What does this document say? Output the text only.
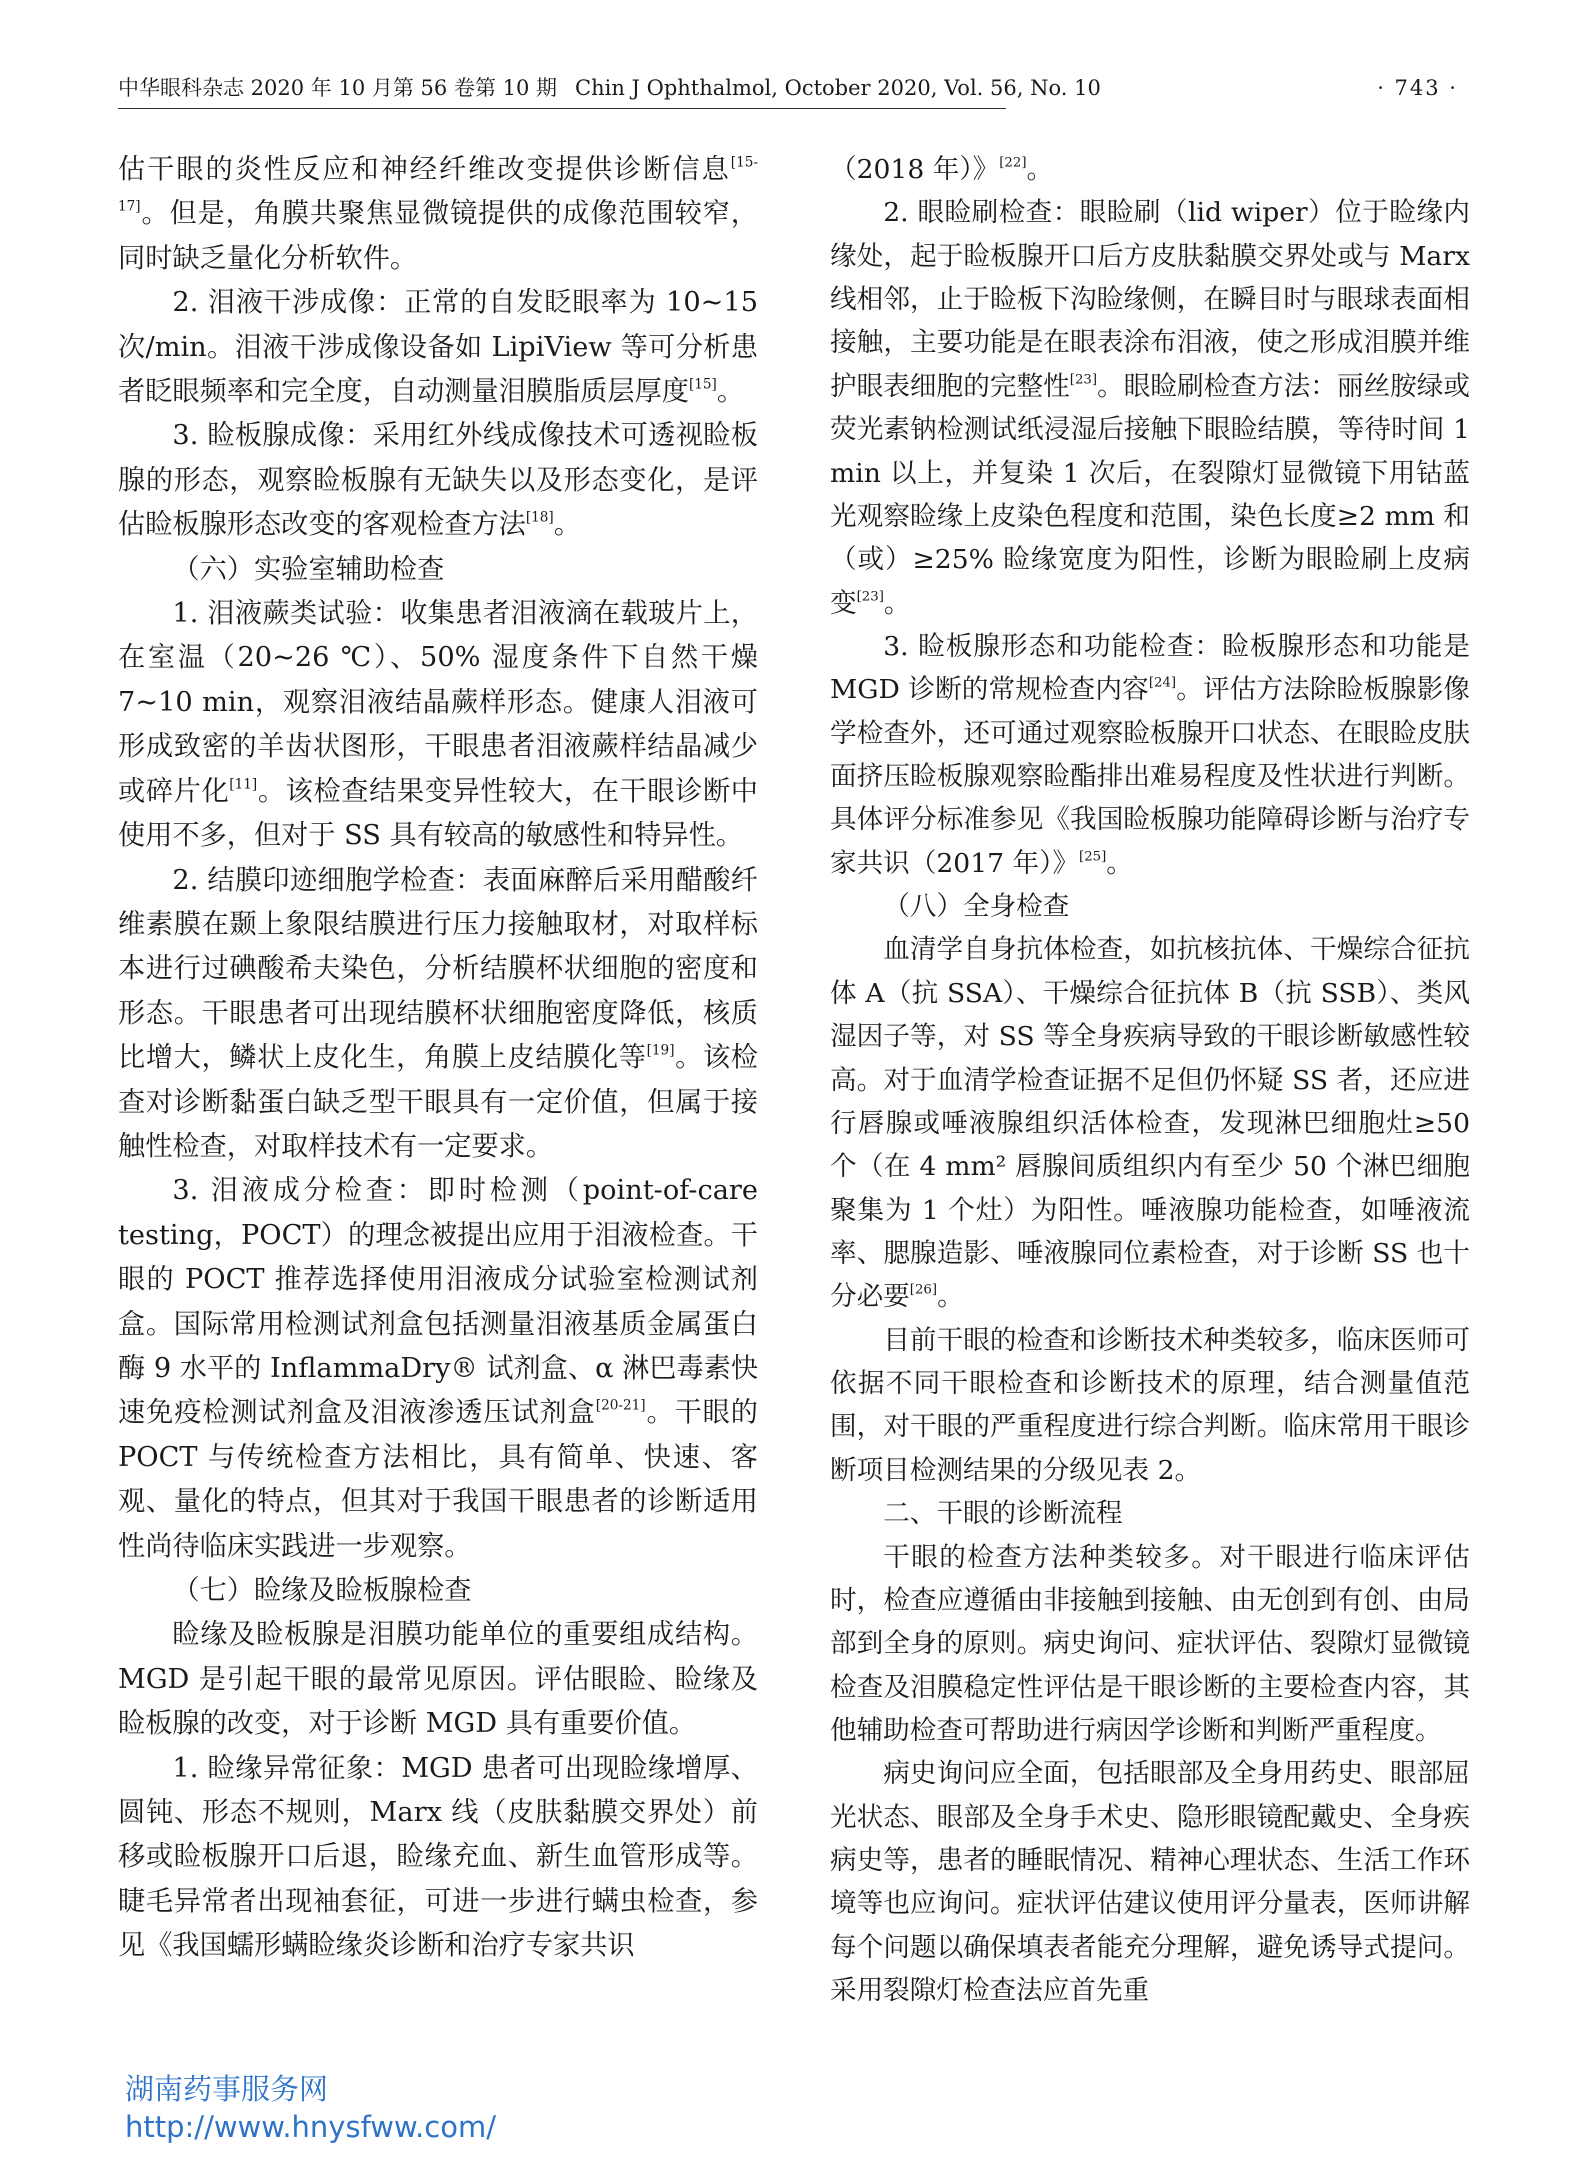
中华眼科杂志 2020 年 10 月第 56 卷第 10 期 Chin J Ophthalmol, October 2020, Vol. 56, No. 10	· 743 ·

估干眼的炎性反应和神经纤维改变提供诊断信息[15-17]。但是，角膜共聚焦显微镜提供的成像范围较窄，同时缺乏量化分析软件。

2. 泪液干涉成像：正常的自发眨眼率为 10~15 次/min。泪液干涉成像设备如 LipiView 等可分析患者眨眼频率和完全度，自动测量泪膜脂质层厚度[15]。

3. 睑板腺成像：采用红外线成像技术可透视睑板腺的形态，观察睑板腺有无缺失以及形态变化，是评估睑板腺形态改变的客观检查方法[18]。

（六）实验室辅助检查

1. 泪液蕨类试验：收集患者泪液滴在载玻片上，在室温（20~26 ℃）、50% 湿度条件下自然干燥 7~10 min，观察泪液结晶蕨样形态。健康人泪液可形成致密的羊齿状图形，干眼患者泪液蕨样结晶减少或碎片化[11]。该检查结果变异性较大，在干眼诊断中使用不多，但对于 SS 具有较高的敏感性和特异性。

2. 结膜印迹细胞学检查：表面麻醉后采用醋酸纤维素膜在颞上象限结膜进行压力接触取材，对取样标本进行过碘酸希夫染色，分析结膜杯状细胞的密度和形态。干眼患者可出现结膜杯状细胞密度降低，核质比增大，鳞状上皮化生，角膜上皮结膜化等[19]。该检查对诊断黏蛋白缺乏型干眼具有一定价值，但属于接触性检查，对取样技术有一定要求。

3. 泪液成分检查：即时检测（point-of-care testing，POCT）的理念被提出应用于泪液检查。干眼的 POCT 推荐选择使用泪液成分试验室检测试剂盒。国际常用检测试剂盒包括测量泪液基质金属蛋白酶 9 水平的 InflammaDry® 试剂盒、α 淋巴毒素快速免疫检测试剂盒及泪液渗透压试剂盒[20-21]。干眼的 POCT 与传统检查方法相比，具有简单、快速、客观、量化的特点，但其对于我国干眼患者的诊断适用性尚待临床实践进一步观察。

（七）睑缘及睑板腺检查

睑缘及睑板腺是泪膜功能单位的重要组成结构。MGD 是引起干眼的最常见原因。评估眼睑、睑缘及睑板腺的改变，对于诊断 MGD 具有重要价值。

1. 睑缘异常征象：MGD 患者可出现睑缘增厚、圆钝、形态不规则，Marx 线（皮肤黏膜交界处）前移或睑板腺开口后退，睑缘充血、新生血管形成等。睫毛异常者出现袖套征，可进一步进行螨虫检查，参见《我国蠕形螨睑缘炎诊断和治疗专家共识

（2018 年）》[22]。

2. 眼睑刷检查：眼睑刷（lid wiper）位于睑缘内缘处，起于睑板腺开口后方皮肤黏膜交界处或与 Marx 线相邻，止于睑板下沟睑缘侧，在瞬目时与眼球表面相接触，主要功能是在眼表涂布泪液，使之形成泪膜并维护眼表细胞的完整性[23]。眼睑刷检查方法：丽丝胺绿或荧光素钠检测试纸浸湿后接触下眼睑结膜，等待时间 1 min 以上，并复染 1 次后，在裂隙灯显微镜下用钴蓝光观察睑缘上皮染色程度和范围，染色长度≥2 mm 和（或）≥25% 睑缘宽度为阳性，诊断为眼睑刷上皮病变[23]。

3. 睑板腺形态和功能检查：睑板腺形态和功能是 MGD 诊断的常规检查内容[24]。评估方法除睑板腺影像学检查外，还可通过观察睑板腺开口状态、在眼睑皮肤面挤压睑板腺观察睑酯排出难易程度及性状进行判断。具体评分标准参见《我国睑板腺功能障碍诊断与治疗专家共识（2017 年）》[25]。

（八）全身检查

血清学自身抗体检查，如抗核抗体、干燥综合征抗体 A（抗 SSA）、干燥综合征抗体 B（抗 SSB）、类风湿因子等，对 SS 等全身疾病导致的干眼诊断敏感性较高。对于血清学检查证据不足但仍怀疑 SS 者，还应进行唇腺或唾液腺组织活体检查，发现淋巴细胞灶≥50 个（在 4 mm² 唇腺间质组织内有至少 50 个淋巴细胞聚集为 1 个灶）为阳性。唾液腺功能检查，如唾液流率、腮腺造影、唾液腺同位素检查，对于诊断 SS 也十分必要[26]。

目前干眼的检查和诊断技术种类较多，临床医师可依据不同干眼检查和诊断技术的原理，结合测量值范围，对干眼的严重程度进行综合判断。临床常用干眼诊断项目检测结果的分级见表 2。

二、干眼的诊断流程

干眼的检查方法种类较多。对干眼进行临床评估时，检查应遵循由非接触到接触、由无创到有创、由局部到全身的原则。病史询问、症状评估、裂隙灯显微镜检查及泪膜稳定性评估是干眼诊断的主要检查内容，其他辅助检查可帮助进行病因学诊断和判断严重程度。

病史询问应全面，包括眼部及全身用药史、眼部屈光状态、眼部及全身手术史、隐形眼镜配戴史、全身疾病史等，患者的睡眠情况、精神心理状态、生活工作环境等也应询问。症状评估建议使用评分量表，医师讲解每个问题以确保填表者能充分理解，避免诱导式提问。采用裂隙灯检查法应首先重

湖南药事服务网
http://www.hnysfww.com/
